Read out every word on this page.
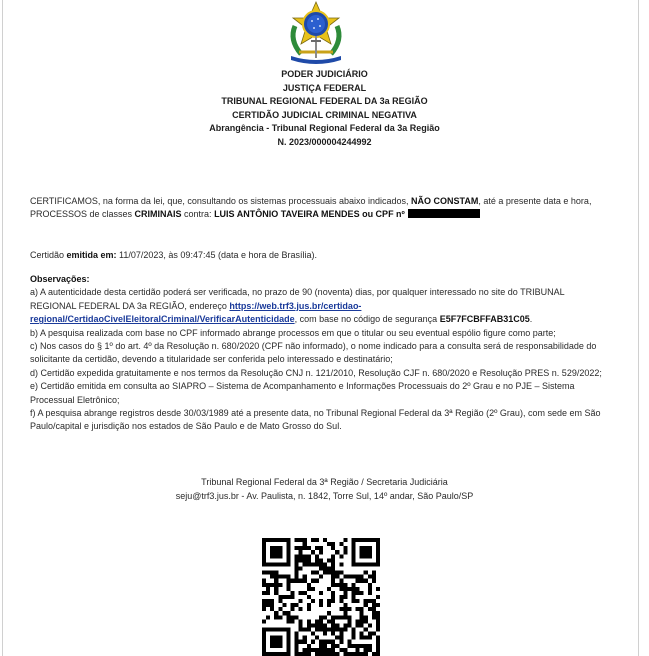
PODER JUDICIÁRIO
JUSTIÇA FEDERAL
TRIBUNAL REGIONAL FEDERAL DA 3a REGIÃO
CERTIDÃO JUDICIAL CRIMINAL NEGATIVA
Abrangência - Tribunal Regional Federal da 3a Região
N. 2023/000004244992
CERTIFICAMOS, na forma da lei, que, consultando os sistemas processuais abaixo indicados, NÃO CONSTAM, até a presente data e hora, PROCESSOS de classes CRIMINAIS contra: LUIS ANTÔNIO TAVEIRA MENDES ou CPF nº
Certidão emitida em: 11/07/2023, às 09:47:45 (data e hora de Brasília).
Observações:
a) A autenticidade desta certidão poderá ser verificada, no prazo de 90 (noventa) dias, por qualquer interessado no site do TRIBUNAL REGIONAL FEDERAL DA 3a REGIÃO, endereço https://web.trf3.jus.br/certidao-regional/CertidaoCivelEleitoralCriminal/VerificarAutenticidade, com base no código de segurança E5F7FCBFFAB31C05.
b) A pesquisa realizada com base no CPF informado abrange processos em que o titular ou seu eventual espólio figure como parte;
c) Nos casos do § 1º do art. 4º da Resolução n. 680/2020 (CPF não informado), o nome indicado para a consulta será de responsabilidade do solicitante da certidão, devendo a titularidade ser conferida pelo interessado e destinatário;
d) Certidão expedida gratuitamente e nos termos da Resolução CNJ n. 121/2010, Resolução CJF n. 680/2020 e Resolução PRES n. 529/2022;
e) Certidão emitida em consulta ao SIAPRO – Sistema de Acompanhamento e Informações Processuais do 2º Grau e no PJE – Sistema Processual Eletrônico;
f) A pesquisa abrange registros desde 30/03/1989 até a presente data, no Tribunal Regional Federal da 3ª Região (2º Grau), com sede em São Paulo/capital e jurisdição nos estados de São Paulo e de Mato Grosso do Sul.
Tribunal Regional Federal da 3ª Região / Secretaria Judiciária
seju@trf3.jus.br - Av. Paulista, n. 1842, Torre Sul, 14º andar, São Paulo/SP
